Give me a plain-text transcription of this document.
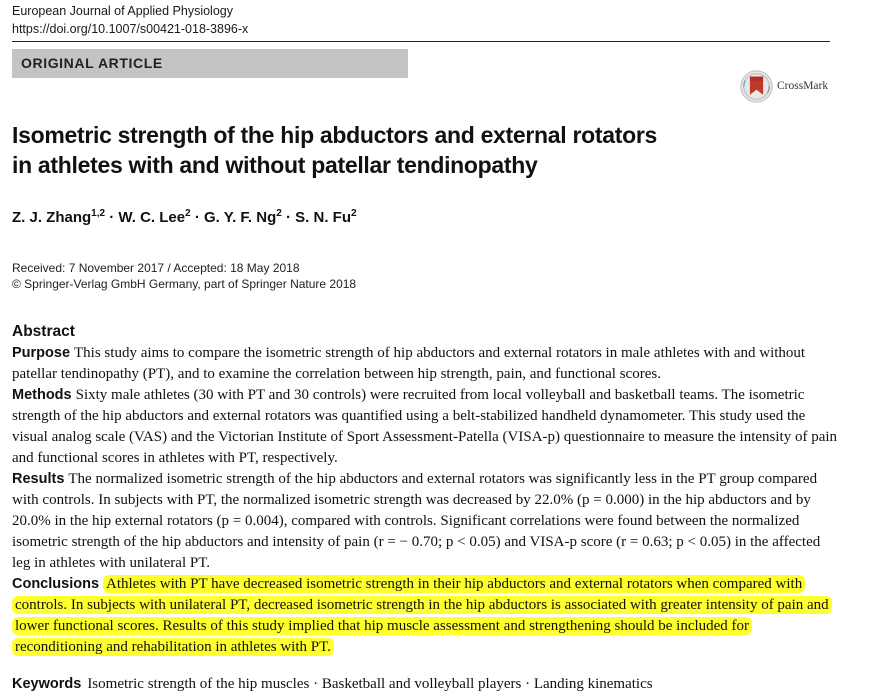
European Journal of Applied Physiology
https://doi.org/10.1007/s00421-018-3896-x
ORIGINAL ARTICLE
CrossMark
Isometric strength of the hip abductors and external rotators
in athletes with and without patellar tendinopathy
Z. J. Zhang$^{1,2}$ · W. C. Lee$^2$ · G. Y. F. $Ng^2 \cdot S$. N. Fu$^2$
Received: 7 November 2017 / Accepted: 18 May 2018
© Springer-Verlag GmbH Germany, part of Springer Nature 2018
Abstract

Purpose This study aims to compare the isometric strength of hip abductors and external rotators in male athletes with and without patellar tendinopathy (PT), and to examine the correlation between hip strength, pain, and functional scores.

Methods Sixty male athletes (30 with PT and 30 controls) were recruited from local volleyball and basketball teams. The isometric strength of the hip abductors and external rotators was quantified using a belt-stabilized handheld dynamometer. This study used the visual analog scale (VAS) and the Victorian Institute of Sport Assessment-Patella (VISA-p) questionnaire to measure the intensity of pain and functional scores in athletes with PT, respectively.

Results The normalized isometric strength of the hip abductors and external rotators was significantly less in the PT group compared with controls. In subjects with PT, the normalized isometric strength was decreased by 22.0% (p = 0.000) in the hip abductors and by 20.0% in the hip external rotators (p = 0.004), compared with controls. Significant correlations were found between the normalized isometric strength of the hip abductors and intensity of pain (r = − 0.70; p < 0.05) and VISA-p score (r = 0.63; p < 0.05) in the affected leg in athletes with unilateral PT.

Conclusions Athletes with PT have decreased isometric strength in their hip abductors and external rotators when compared with controls. In subjects with unilateral PT, decreased isometric strength in the hip abductors is associated with greater intensity of pain and lower functional scores. Results of this study implied that hip muscle assessment and strengthening should be included for reconditioning and rehabilitation in athletes with PT.

Keywords Isometric strength of the hip muscles · Basketball and volleyball players · Landing kinematics
